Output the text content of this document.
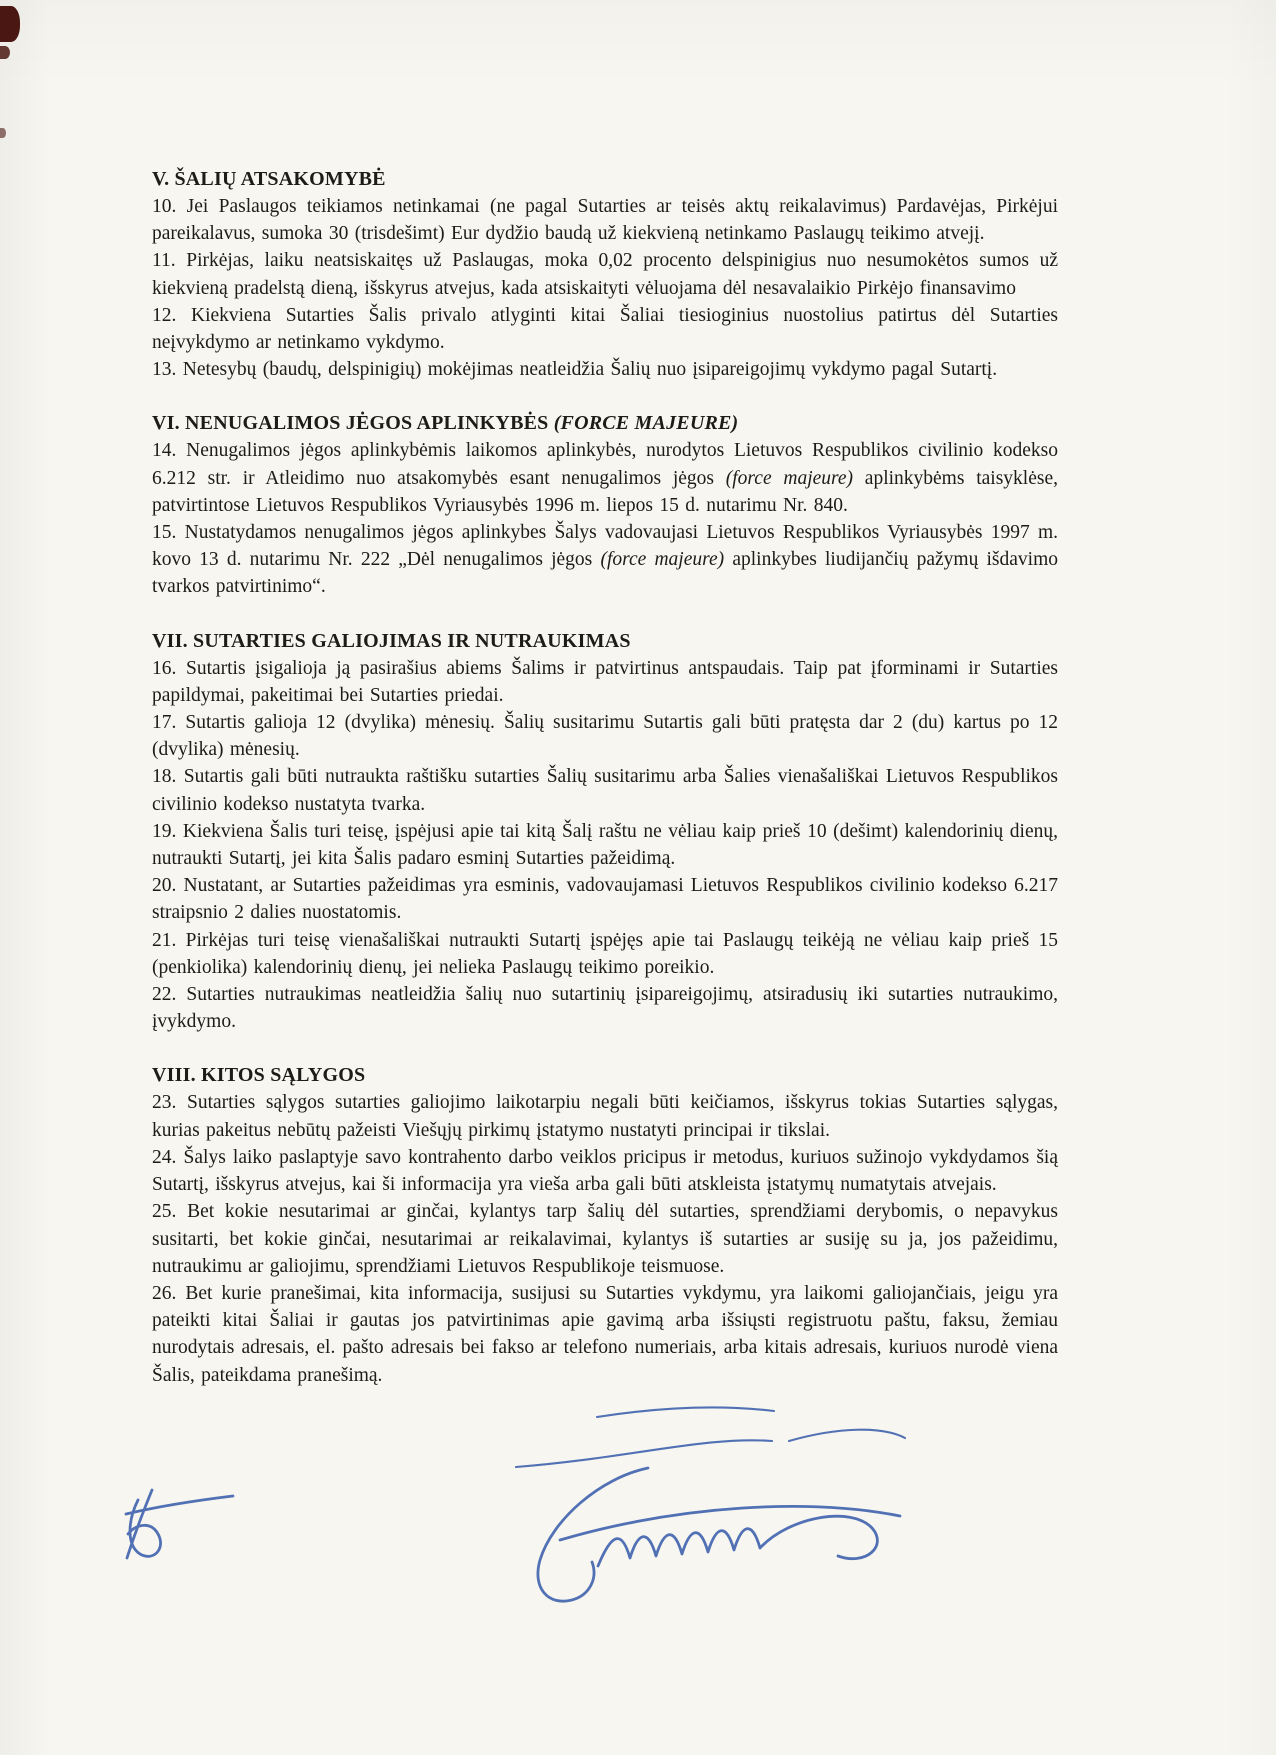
V. ŠALIŲ ATSAKOMYBĖ

10. Jei Paslaugos teikiamos netinkamai (ne pagal Sutarties ar teisės aktų reikalavimus) Pardavėjas, Pirkėjui pareikalavus, sumoka 30 (trisdešimt) Eur dydžio baudą už kiekvieną netinkamo Paslaugų teikimo atvejį.

11. Pirkėjas, laiku neatsiskaitęs už Paslaugas, moka 0,02 procento delspinigius nuo nesumokėtos sumos už kiekvieną pradelstą dieną, išskyrus atvejus, kada atsiskaityti vėluojama dėl nesavalaikio Pirkėjo finansavimo

12. Kiekviena Sutarties Šalis privalo atlyginti kitai Šaliai tiesioginius nuostolius patirtus dėl Sutarties neįvykdymo ar netinkamo vykdymo.

13. Netesybų (baudų, delspinigių) mokėjimas neatleidžia Šalių nuo įsipareigojimų vykdymo pagal Sutartį.

VI. NENUGALIMOS JĖGOS APLINKYBĖS (FORCE MAJEURE)

14. Nenugalimos jėgos aplinkybėmis laikomos aplinkybės, nurodytos Lietuvos Respublikos civilinio kodekso 6.212 str. ir Atleidimo nuo atsakomybės esant nenugalimos jėgos (force majeure) aplinkybėms taisyklėse, patvirtintose Lietuvos Respublikos Vyriausybės 1996 m. liepos 15 d. nutarimu Nr. 840.

15. Nustatydamos nenugalimos jėgos aplinkybes Šalys vadovaujasi Lietuvos Respublikos Vyriausybės 1997 m. kovo 13 d. nutarimu Nr. 222 „Dėl nenugalimos jėgos (force majeure) aplinkybes liudijančių pažymų išdavimo tvarkos patvirtinimo“.

VII. SUTARTIES GALIOJIMAS IR NUTRAUKIMAS

16. Sutartis įsigalioja ją pasirašius abiems Šalims ir patvirtinus antspaudais. Taip pat įforminami ir Sutarties papildymai, pakeitimai bei Sutarties priedai.

17. Sutartis galioja 12 (dvylika) mėnesių. Šalių susitarimu Sutartis gali būti pratęsta dar 2 (du) kartus po 12 (dvylika) mėnesių.

18. Sutartis gali būti nutraukta raštišku sutarties Šalių susitarimu arba Šalies vienašališkai Lietuvos Respublikos civilinio kodekso nustatyta tvarka.

19. Kiekviena Šalis turi teisę, įspėjusi apie tai kitą Šalį raštu ne vėliau kaip prieš 10 (dešimt) kalendorinių dienų, nutraukti Sutartį, jei kita Šalis padaro esminį Sutarties pažeidimą.

20. Nustatant, ar Sutarties pažeidimas yra esminis, vadovaujamasi Lietuvos Respublikos civilinio kodekso 6.217 straipsnio 2 dalies nuostatomis.

21. Pirkėjas turi teisę vienašališkai nutraukti Sutartį įspėjęs apie tai Paslaugų teikėją ne vėliau kaip prieš 15 (penkiolika) kalendorinių dienų, jei nelieka Paslaugų teikimo poreikio.

22. Sutarties nutraukimas neatleidžia šalių nuo sutartinių įsipareigojimų, atsiradusių iki sutarties nutraukimo, įvykdymo.

VIII. KITOS SĄLYGOS

23. Sutarties sąlygos sutarties galiojimo laikotarpiu negali būti keičiamos, išskyrus tokias Sutarties sąlygas, kurias pakeitus nebūtų pažeisti Viešųjų pirkimų įstatymo nustatyti principai ir tikslai.

24. Šalys laiko paslaptyje savo kontrahento darbo veiklos pricipus ir metodus, kuriuos sužinojo vykdydamos šią Sutartį, išskyrus atvejus, kai ši informacija yra vieša arba gali būti atskleista įstatymų numatytais atvejais.

25. Bet kokie nesutarimai ar ginčai, kylantys tarp šalių dėl sutarties, sprendžiami derybomis, o nepavykus susitarti, bet kokie ginčai, nesutarimai ar reikalavimai, kylantys iš sutarties ar susiję su ja, jos pažeidimu, nutraukimu ar galiojimu, sprendžiami Lietuvos Respublikoje teismuose.

26. Bet kurie pranešimai, kita informacija, susijusi su Sutarties vykdymu, yra laikomi galiojančiais, jeigu yra pateikti kitai Šaliai ir gautas jos patvirtinimas apie gavimą arba išsiųsti registruotu paštu, faksu, žemiau nurodytais adresais, el. pašto adresais bei fakso ar telefono numeriais, arba kitais adresais, kuriuos nurodė viena Šalis, pateikdama pranešimą.
